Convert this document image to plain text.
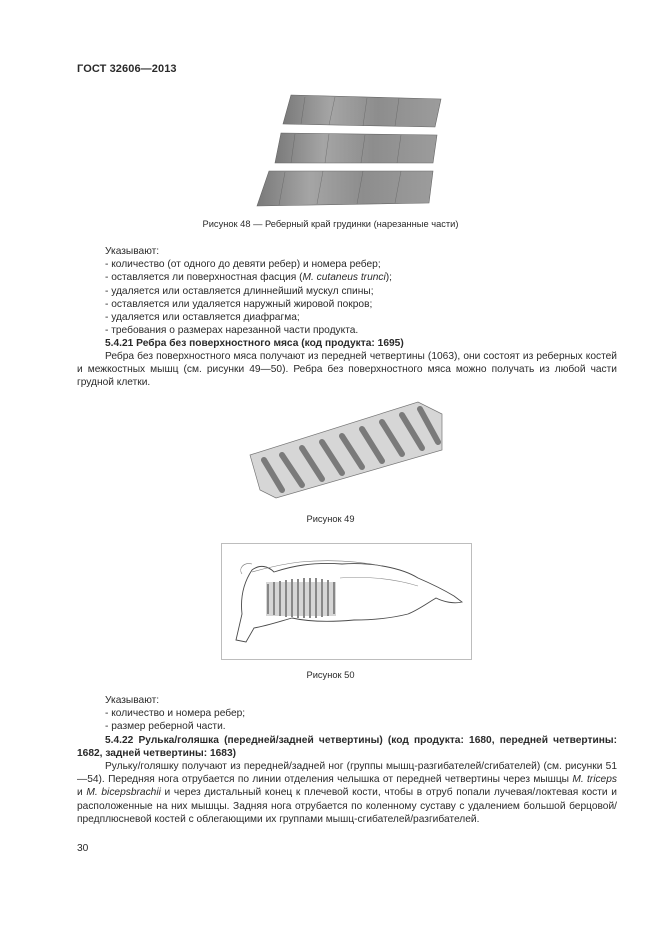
ГОСТ 32606—2013
Рисунок 48 — Реберный край грудинки (нарезанные части)
Указывают:
- количество (от одного до девяти ребер) и номера ребер;
- оставляется ли поверхностная фасция (M. cutaneus trunci);
- удаляется или оставляется длиннейший мускул спины;
- оставляется или удаляется наружный жировой покров;
- удаляется или оставляется диафрагма;
- требования о размерах нарезанной части продукта.
5.4.21 Ребра без поверхностного мяса (код продукта: 1695)
Ребра без поверхностного мяса получают из передней четвертины (1063), они состоят из реберных костей и межкостных мышц (см. рисунки 49—50). Ребра без поверхностного мяса можно получать из любой части грудной клетки.
Рисунок 49
Рисунок 50
Указывают:
- количество и номера ребер;
- размер реберной части.
5.4.22 Рулька/голяшка (передней/задней четвертины) (код продукта: 1680, передней четвертины: 1682, задней четвертины: 1683)
Рульку/голяшку получают из передней/задней ног (группы мышц-разгибателей/сгибателей) (см. рисунки 51—54). Передняя нога отрубается по линии отделения челышка от передней четвертины через мышцы M. triceps и M. bicepsbrachii и через дистальный конец к плечевой кости, чтобы в отруб попали лучевая/локтевая кости и расположенные на них мышцы. Задняя нога отрубается по коленному суставу с удалением большой берцовой/предплюсневой костей с облегающими их группами мышц-сгибателей/разгибателей.
30
